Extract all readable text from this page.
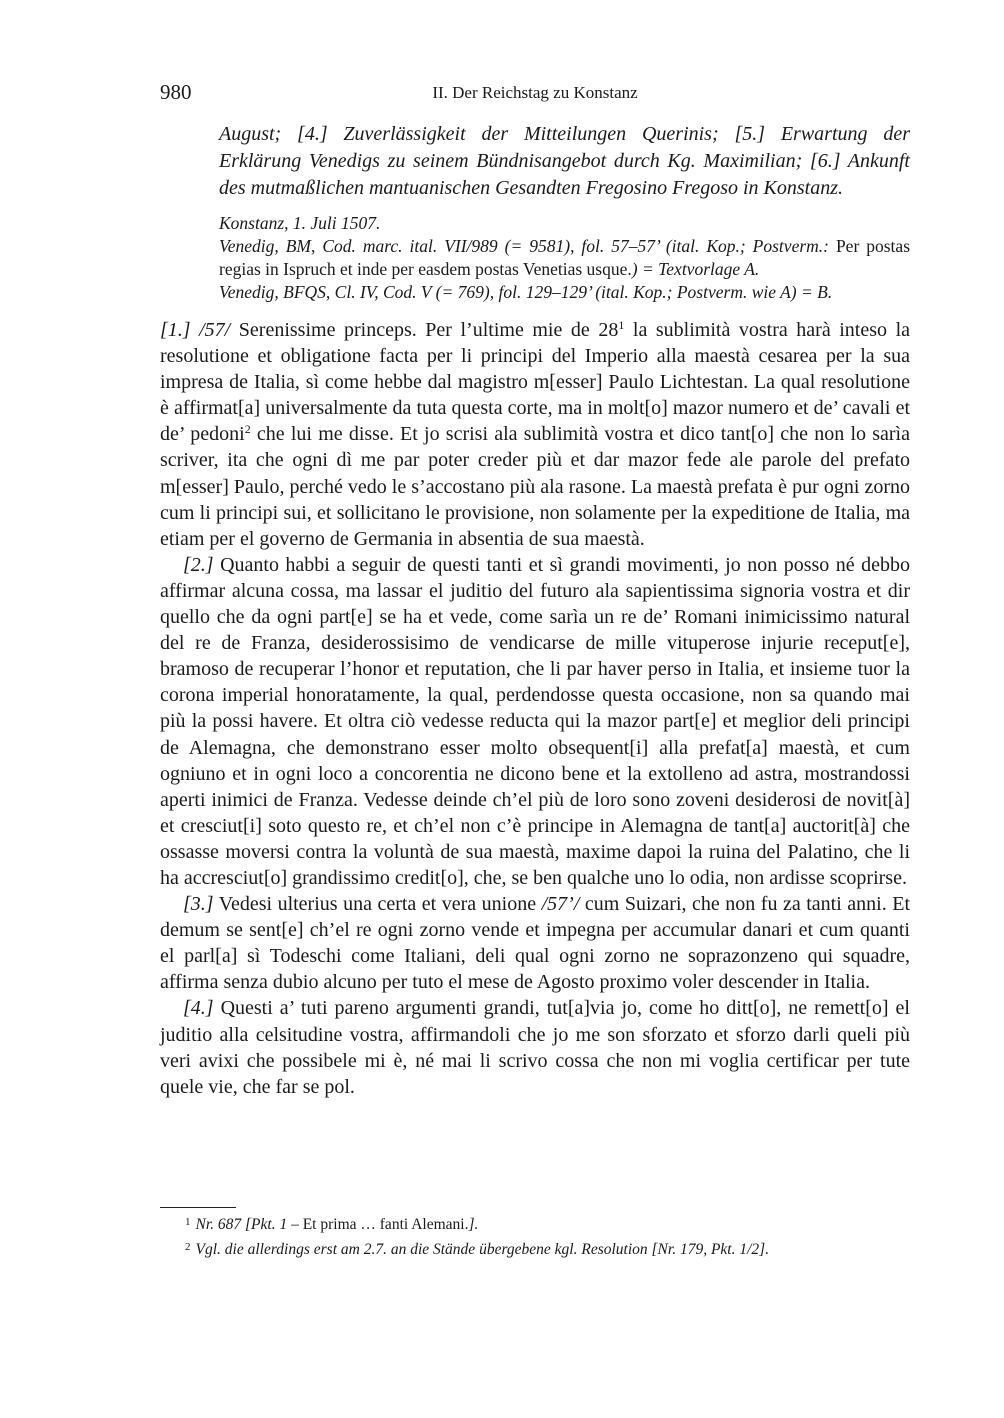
980	II. Der Reichstag zu Konstanz

August; [4.] Zuverlässigkeit der Mitteilungen Querinis; [5.] Erwartung der Erklärung Venedigs zu seinem Bündnisangebot durch Kg. Maximilian; [6.] Ankunft des mutmaßlichen mantuanischen Gesandten Fregosino Fregoso in Konstanz.

Konstanz, 1. Juli 1507.
Venedig, BM, Cod. marc. ital. VII/989 (= 9581), fol. 57–57’ (ital. Kop.; Postverm.: Per postas regias in Ispruch et inde per easdem postas Venetias usque.) = Textvorlage A.
Venedig, BFQS, Cl. IV, Cod. V (= 769), fol. 129–129’ (ital. Kop.; Postverm. wie A) = B.

[1.] /57/ Serenissime princeps. Per l’ultime mie de $28^1$ la sublimità vostra harà inteso la resolutione et obligatione facta per li principi del Imperio alla maestà cesarea per la sua impresa de Italia, sì come hebbe dal magistro m[esser] Paulo Lichtestan. La qual resolutione è affirmat[a] universalmente da tuta questa corte, ma in molt[o] mazor numero et de’ cavali et de’ pedoni$^2$ che lui me disse. Et jo scrisi ala sublimità vostra et dico tant[o] che non lo sarìa scriver, ita che ogni dì me par poter creder più et dar mazor fede ale parole del prefato m[esser] Paulo, perché vedo le s’accostano più ala rasone. La maestà prefata è pur ogni zorno cum li principi sui, et sollicitano le provisione, non solamente per la expeditione de Italia, ma etiam per el governo de Germania in absentia de sua maestà.

[2.] Quanto habbi a seguir de questi tanti et sì grandi movimenti, jo non posso né debbo affirmar alcuna cossa, ma lassar el juditio del futuro ala sapientissima signoria vostra et dir quello che da ogni part[e] se ha et vede, come sarìa un re de’ Romani inimicissimo natural del re de Franza, desiderossisimo de vendicarse de mille vituperose injurie receput[e], bramoso de recuperar l’honor et reputation, che li par haver perso in Italia, et insieme tuor la corona imperial honoratamente, la qual, perdendosse questa occasione, non sa quando mai più la possi havere. Et oltra ciò vedesse reducta qui la mazor part[e] et meglior deli principi de Alemagna, che demonstrano esser molto obsequent[i] alla prefat[a] maestà, et cum ogniuno et in ogni loco a concorentia ne dicono bene et la extolleno ad astra, mostrandossi aperti inimici de Franza. Vedesse deinde ch’el più de loro sono zoveni desiderosi de novit[à] et cresciut[i] soto questo re, et ch’el non c’è principe in Alemagna de tant[a] auctorit[à] che ossasse moversi contra la voluntà de sua maestà, maxime dapoi la ruina del Palatino, che li ha accresciut[o] grandissimo credit[o], che, se ben qualche uno lo odia, non ardisse scoprirse.

[3.] Vedesi ulterius una certa et vera unione /57’/ cum Suizari, che non fu za tanti anni. Et demum se sent[e] ch’el re ogni zorno vende et impegna per accumular danari et cum quanti el parl[a] sì Todeschi come Italiani, deli qual ogni zorno ne soprazonzeno qui squadre, affirma senza dubio alcuno per tuto el mese de Agosto proximo voler descender in Italia.

[4.] Questi a’ tuti pareno argumenti grandi, tut[a]via jo, come ho ditt[o], ne remett[o] el juditio alla celsitudine vostra, affirmandoli che jo me son sforzato et sforzo darli queli più veri avixi che possibele mi è, né mai li scrivo cossa che non mi voglia certificar per tute quele vie, che far se pol.

$^1$ Nr. 687 [Pkt. 1 – Et prima … fanti Alemani.].
$^2$ Vgl. die allerdings erst am 2.7. an die Stände übergebene kgl. Resolution [Nr. 179, Pkt. 1/2].
